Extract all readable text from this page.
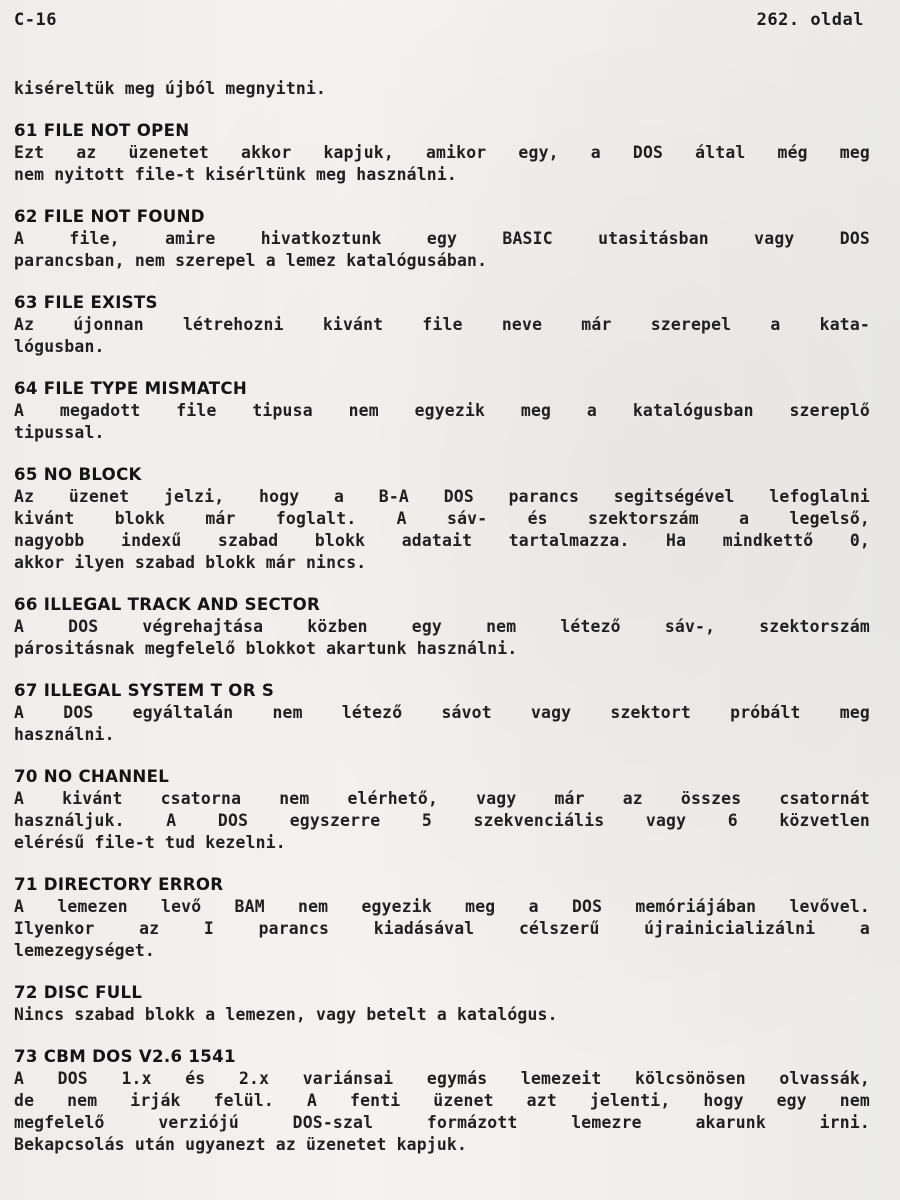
C-16	262. oldal
kiséreltük meg újból megnyitni.
61 FILE NOT OPEN
Ezt az üzenetet akkor kapjuk, amikor egy, a DOS által még meg
nem nyitott file-t kisérltünk meg használni.
62 FILE NOT FOUND
A file, amire hivatkoztunk egy BASIC utasitásban vagy DOS
parancsban, nem szerepel a lemez katalógusában.
63 FILE EXISTS
Az újonnan létrehozni kivánt file neve már szerepel a kata-
lógusban.
64 FILE TYPE MISMATCH
A megadott file tipusa nem egyezik meg a katalógusban szereplő
tipussal.
65 NO BLOCK
Az üzenet jelzi, hogy a B-A DOS parancs segitségével lefoglalni
kivánt blokk már foglalt. A sáv- és szektorszám a legelső,
nagyobb indexű szabad blokk adatait tartalmazza. Ha mindkettő 0,
akkor ilyen szabad blokk már nincs.
66 ILLEGAL TRACK AND SECTOR
A DOS végrehajtása közben egy nem létező sáv-, szektorszám
párositásnak megfelelő blokkot akartunk használni.
67 ILLEGAL SYSTEM T OR S
A DOS egyáltalán nem létező sávot vagy szektort próbált meg
használni.
70 NO CHANNEL
A kivánt csatorna nem elérhető, vagy már az összes csatornát
használjuk. A DOS egyszerre 5 szekvenciális vagy 6 közvetlen
elérésű file-t tud kezelni.
71 DIRECTORY ERROR
A lemezen levő BAM nem egyezik meg a DOS memóriájában levővel.
Ilyenkor az I parancs kiadásával célszerű újrainicializálni a
lemezegységet.
72 DISC FULL
Nincs szabad blokk a lemezen, vagy betelt a katalógus.
73 CBM DOS V2.6 1541
A DOS 1.x és 2.x variánsai egymás lemezeit kölcsönösen olvassák,
de nem irják felül. A fenti üzenet azt jelenti, hogy egy nem
megfelelő verziójú DOS-szal formázott lemezre akarunk irni.
Bekapcsolás után ugyanezt az üzenetet kapjuk.
